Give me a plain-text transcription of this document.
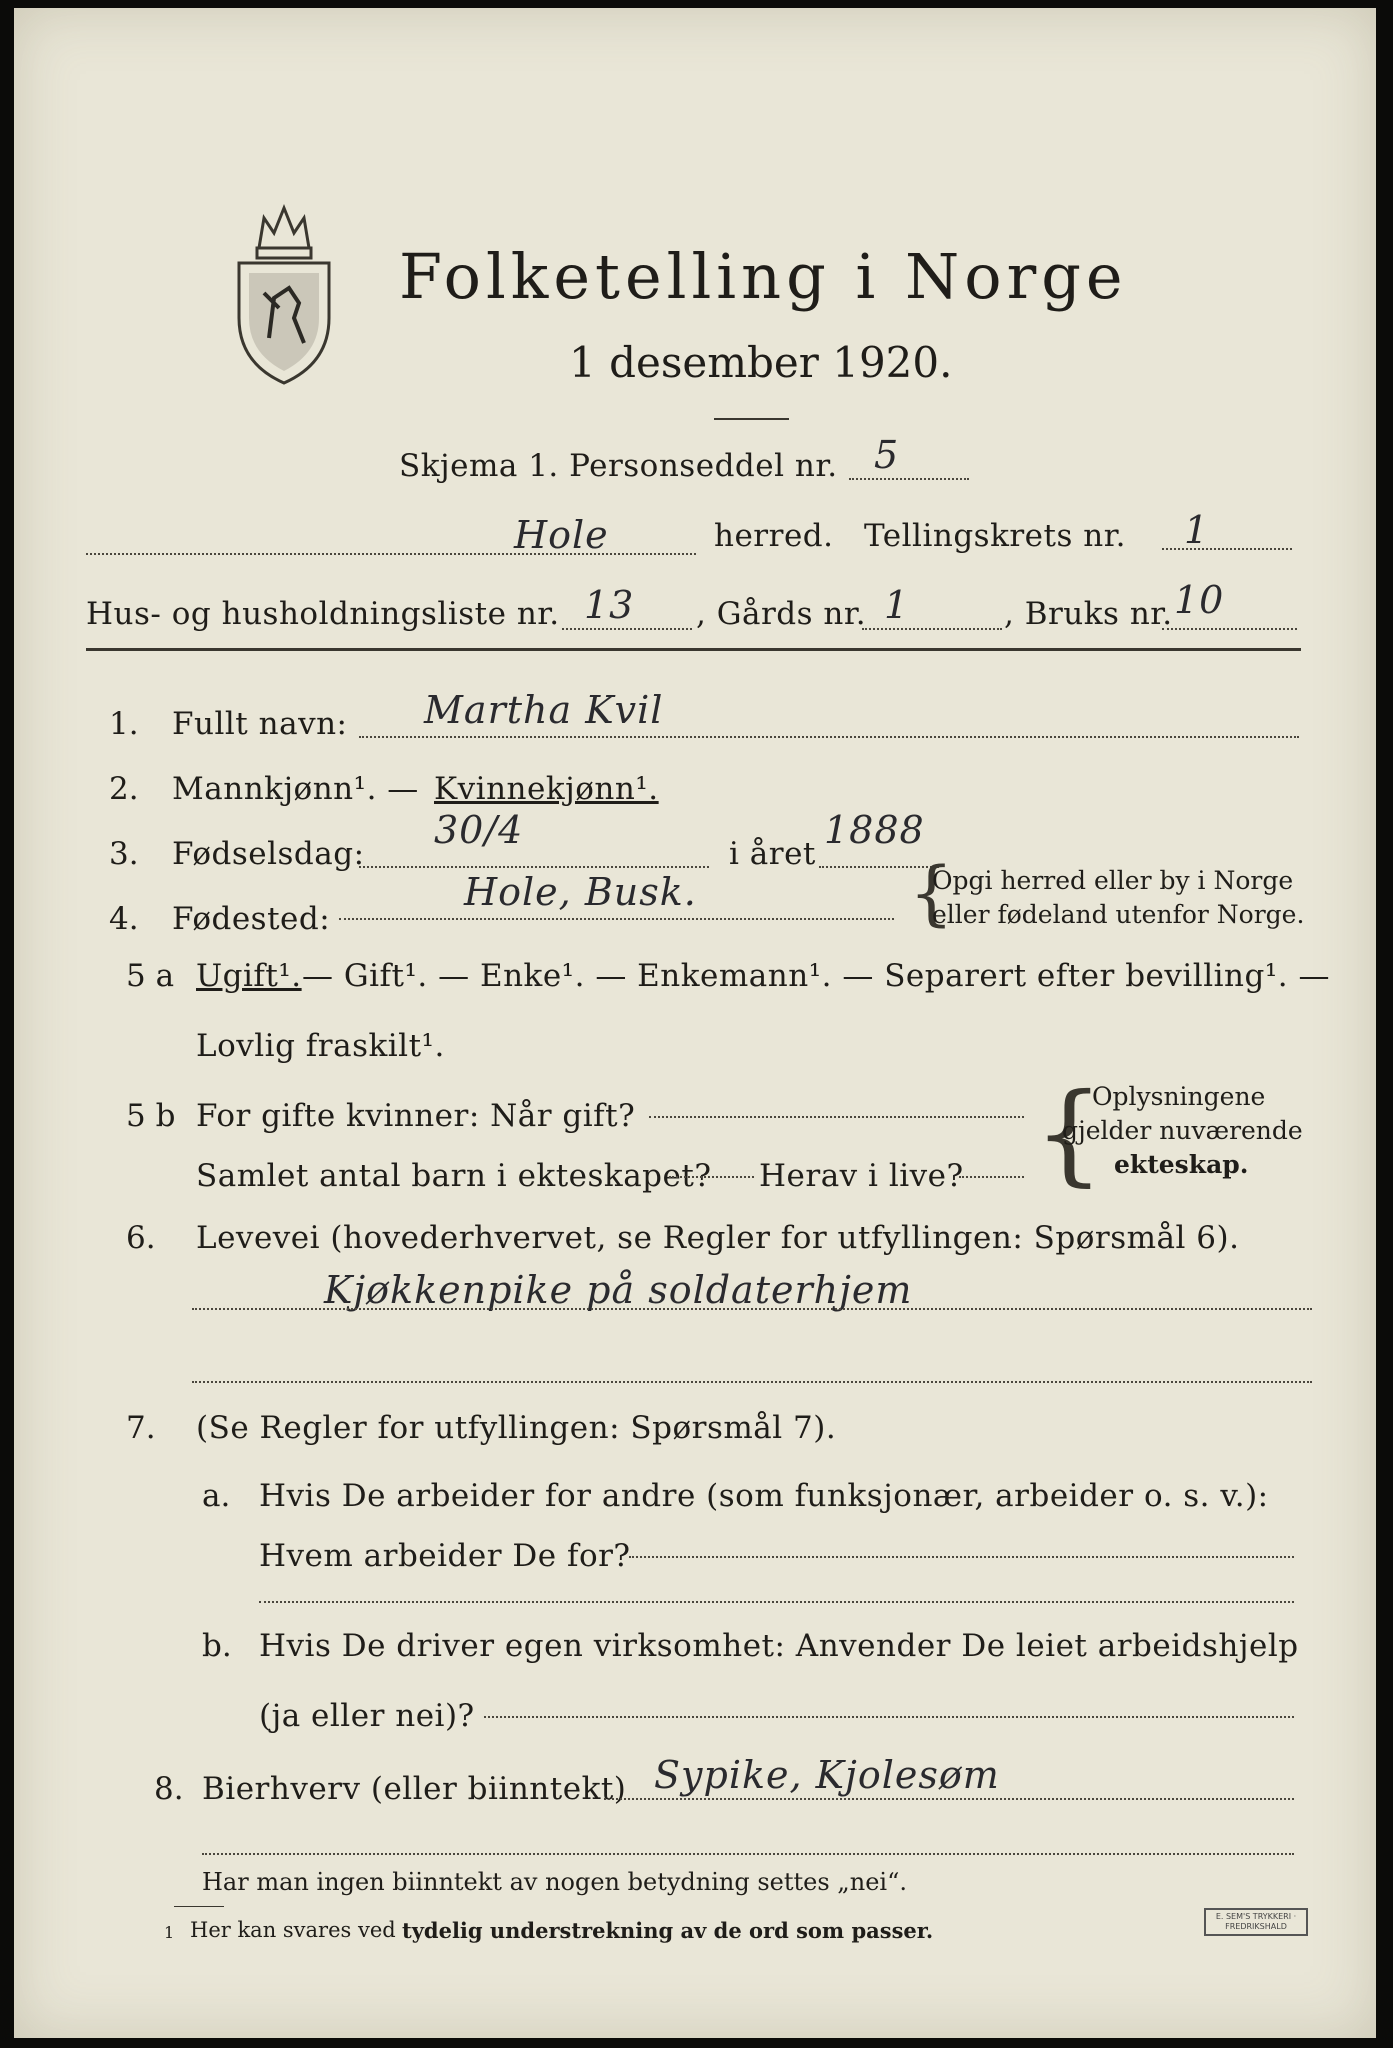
Folketelling i Norge
1 desember 1920.
Skjema 1. Personseddel nr. 5
Hole	herred. Tellingskrets nr. 1
Hus- og husholdningsliste nr. 13 , Gårds nr. 1	, Bruks nr. 10
1. Fullt navn: Martha Kvil
2. Mannkjønn¹. — Kvinnekjønn¹.
3. Fødselsdag:
30/4
i året
1888
4. Fødested:
Hole, Busk.	{
Opgi herred eller by i Norge
eller fødeland utenfor Norge.
5 a Ugift¹. — Gift¹. — Enke¹. — Enkemann¹. — Separert efter bevilling¹. —
Lovlig fraskilt¹.
5 b For gifte kvinner: Når gift?
Samlet antal barn i ekteskapet? Herav i live? {
Oplysningene
gjelder nuværende
ekteskap.
6. Levevei (hovederhvervet, se Regler for utfyllingen: Spørsmål 6).
Kjøkkenpike på soldaterhjem
7. (Se Regler for utfyllingen: Spørsmål 7).
a. Hvis De arbeider for andre (som funksjonær, arbeider o. s. v.):
Hvem arbeider De for?
b. Hvis De driver egen virksomhet: Anvender De leiet arbeidshjelp
(ja eller nei)?
8. Bierhverv (eller biinntekt) Sypike, Kjolesøm
Har man ingen biinntekt av nogen betydning settes „nei“.
1 Her kan svares ved tydelig understrekning av de ord som passer.
E. SEM'S TRYKKERI · FREDRIKSHALD
